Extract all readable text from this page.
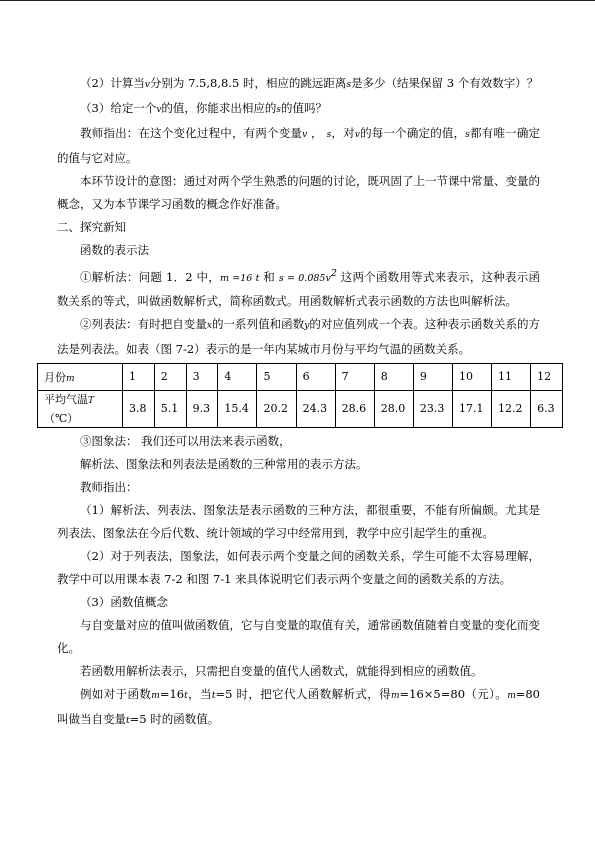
（2）计算当v分别为 7.5,8,8.5 时，相应的跳远距离s是多少（结果保留 3 个有效数字）？

（3）给定一个v的值，你能求出相应的s的值吗？

教师指出：在这个变化过程中，有两个变量v ， s，对v的每一个确定的值，s都有唯一确定的值与它对应。

本环节设计的意图：通过对两个学生熟悉的问题的讨论，既巩固了上一节课中常量、变量的概念，又为本节课学习函数的概念作好准备。

二、探究新知

函数的表示法

①解析法：问题 1．2 中，m =16 t 和 $s = 0.085v^2$ 这两个函数用等式来表示，这种表示函数关系的等式，叫做函数解析式，简称函数式。用函数解析式表示函数的方法也叫解析法。

②列表法：有时把自变量x的一系列值和函数y的对应值列成一个表。这种表示函数关系的方法是列表法。如表（图 7-2）表示的是一年内某城市月份与平均气温的函数关系。

月份m	1	2	3	4	5	6	7	8	9	10	11	12
平均气温T
（℃）	3.8	5.1	9.3	15.4	20.2	24.3	28.6	28.0	23.3	17.1	12.2	6.3

③图象法： 我们还可以用法来表示函数，

解析法、图象法和列表法是函数的三种常用的表示方法。

教师指出：

（1）解析法、列表法、图象法是表示函数的三种方法，都很重要，不能有所偏颇。尤其是列表法、图象法在今后代数、统计领域的学习中经常用到，教学中应引起学生的重视。

（2）对于列表法，图象法，如何表示两个变量之间的函数关系，学生可能不太容易理解，教学中可以用课本表 7-2 和图 7-1 来具体说明它们表示两个变量之间的函数关系的方法。

（3）函数值概念

与自变量对应的值叫做函数值，它与自变量的取值有关，通常函数值随着自变量的变化而变化。

若函数用解析法表示，只需把自变量的值代人函数式，就能得到相应的函数值。

例如对于函数m=16t，当t=5 时，把它代人函数解析式，得m=16×5=80（元）。m=80 叫做当自变量t=5 时的函数值。
